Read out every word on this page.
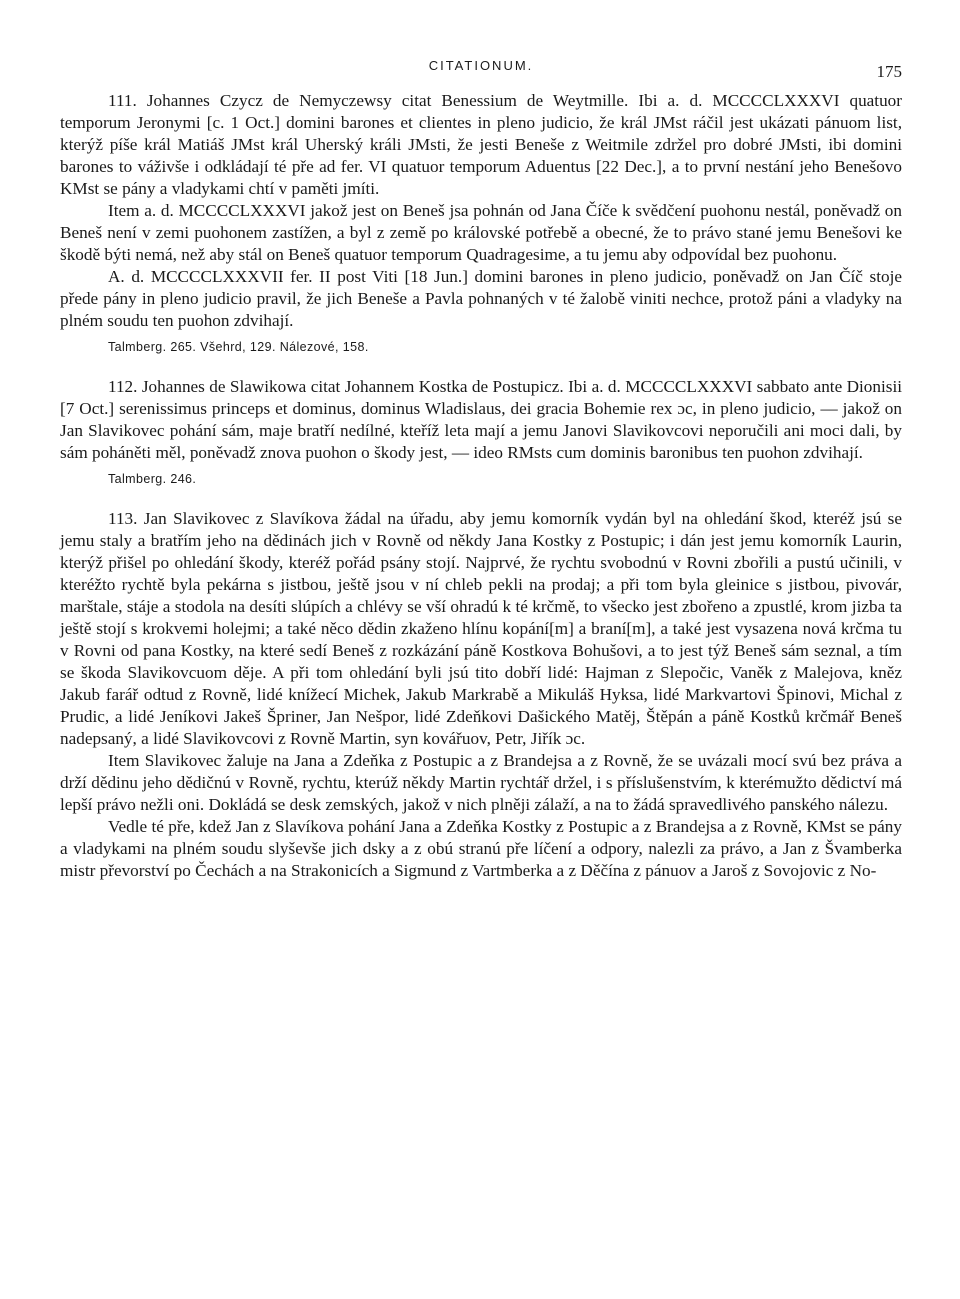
CITATIONUM.	175

111. Johannes Czycz de Nemyczewsy citat Benessium de Weytmille. Ibi a. d. MCCCCLXXXVI quatuor temporum Jeronymi [c. 1 Oct.] domini barones et clientes in pleno judicio, že král JMst ráčil jest ukázati pánuom list, kterýž píše král Matiáš JMst král Uherský králi JMsti, že jesti Beneše z Weitmile zdržel pro dobré JMsti, ibi domini barones to váživše i odkládají té pře ad fer. VI quatuor temporum Aduentus [22 Dec.], a to první nestání jeho Benešovo KMst se pány a vladykami chtí v paměti jmíti.

Item a. d. MCCCCLXXXVI jakož jest on Beneš jsa pohnán od Jana Číče k svědčení puohonu nestál, poněvadž on Beneš není v zemi puohonem zastížen, a byl z země po královské potřebě a obecné, že to právo stané jemu Benešovi ke škodě býti nemá, než aby stál on Beneš quatuor temporum Quadragesime, a tu jemu aby odpovídal bez puohonu.

A. d. MCCCCLXXXVII fer. II post Viti [18 Jun.] domini barones in pleno judicio, poněvadž on Jan Číč stoje přede pány in pleno judicio pravil, že jich Beneše a Pavla pohnaných v té žalobě viniti nechce, protož páni a vladyky na plném soudu ten puohon zdvihají.

Talmberg. 265. Všehrd, 129. Nálezové, 158.

112. Johannes de Slawikowa citat Johannem Kostka de Postupicz. Ibi a. d. MCCCCLXXXVI sabbato ante Dionisii [7 Oct.] serenissimus princeps et dominus, dominus Wladislaus, dei gracia Bohemie rex ɔc, in pleno judicio, — jakož on Jan Slavikovec pohání sám, maje bratří nedílné, kteříž leta mají a jemu Janovi Slavikovcovi neporučili ani moci dali, by sám poháněti měl, poněvadž znova puohon o škody jest, — ideo RMsts cum dominis baronibus ten puohon zdvihají.

Talmberg. 246.

113. Jan Slavikovec z Slavíkova žádal na úřadu, aby jemu komorník vydán byl na ohledání škod, kteréž jsú se jemu staly a bratřím jeho na dědinách jich v Rovně od někdy Jana Kostky z Postupic; i dán jest jemu komorník Laurin, kterýž přišel po ohledání škody, kteréž pořád psány stojí. Najprvé, že rychtu svobodnú v Rovni zbořili a pustú učinili, v kteréžto rychtě byla pekárna s jistbou, ještě jsou v ní chleb pekli na prodaj; a při tom byla gleinice s jistbou, pivovár, marštale, stáje a stodola na desíti slúpích a chlévy se vší ohradú k té krčmě, to všecko jest zbořeno a zpustlé, krom jizba ta ještě stojí s krokvemi holejmi; a také něco dědin zkaženo hlínu kopání[m] a braní[m], a také jest vysazena nová krčma tu v Rovni od pana Kostky, na které sedí Beneš z rozkázání páně Kostkova Bohušovi, a to jest týž Beneš sám seznal, a tím se škoda Slavikovcuom děje. A při tom ohledání byli jsú tito dobří lidé: Hajman z Slepočic, Vaněk z Malejova, kněz Jakub farář odtud z Rovně, lidé knížecí Michek, Jakub Markrabě a Mikuláš Hyksa, lidé Markvartovi Špinovi, Michal z Prudic, a lidé Jeníkovi Jakeš Špriner, Jan Nešpor, lidé Zdeňkovi Dašického Matěj, Štěpán a páně Kostků krčmář Beneš nadepsaný, a lidé Slavikovcovi z Rovně Martin, syn kovářuov, Petr, Jiřík ɔc.

Item Slavikovec žaluje na Jana a Zdeňka z Postupic a z Brandejsa a z Rovně, že se uvázali mocí svú bez práva a drží dědinu jeho dědičnú v Rovně, rychtu, kterúž někdy Martin rychtář držel, i s příslušenstvím, k kterémužto dědictví má lepší právo nežli oni. Dokládá se desk zemských, jakož v nich plněji zálaží, a na to žádá spravedlivého panského nálezu.

Vedle té pře, kdež Jan z Slavíkova pohání Jana a Zdeňka Kostky z Postupic a z Brandejsa a z Rovně, KMst se pány a vladykami na plném soudu slyševše jich dsky a z obú stranú pře líčení a odpory, nalezli za právo, a Jan z Švamberka mistr převorství po Čechách a na Strakonicích a Sigmund z Vartmberka a z Děčína z pánuov a Jaroš z Sovojovic z No-
